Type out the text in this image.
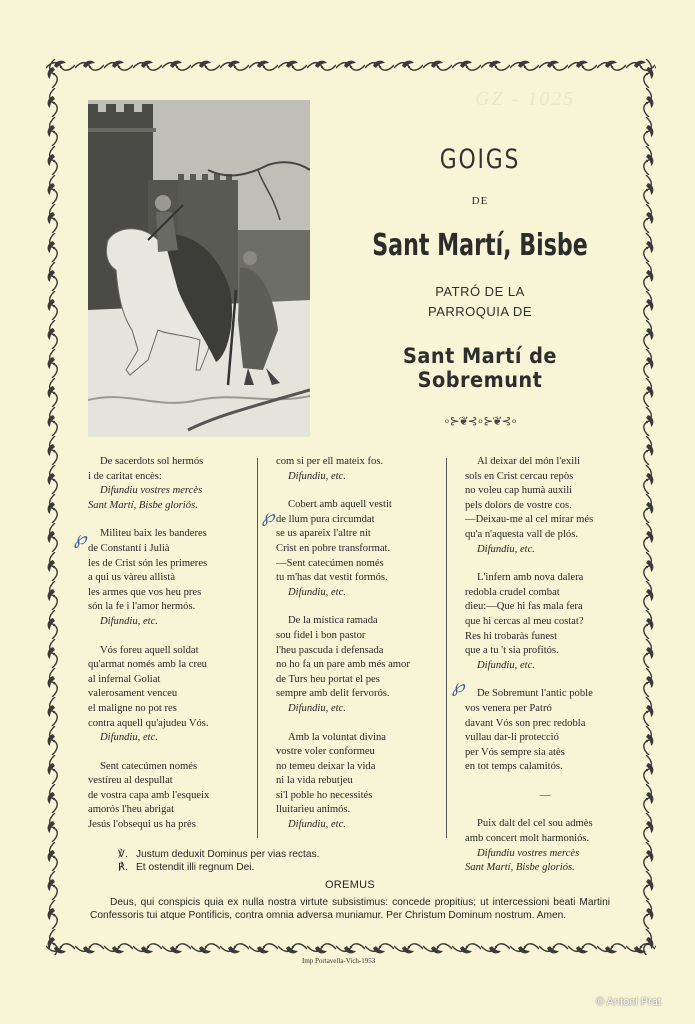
GZ - 1025
GOIGS
DE
Sant Martí, Bisbe
PATRÓ DE LA
PARROQUIA DE
Sant Martí de Sobremunt
∘⊱❦⊰∘⊱❦⊰∘
℘
℘
℘
De sacerdots sol hermós
i de caritat encès:
Difundiu vostres mercès
Sant Martí, Bisbe gloriós.
Militeu baix les banderes
de Constantí i Julià
les de Crist són les primeres
a qui us vàreu allistà
les armes que vos heu pres
són la fe i l'amor hermós.
Difundiu, etc.
Vós foreu aquell soldat
qu'armat només amb la creu
al infernal Goliat
valerosament venceu
el maligne no pot res
contra aquell qu'ajudeu Vós.
Difundiu, etc.
Sent catecúmen només
vestíreu al despullat
de vostra capa amb l'esqueix
amorós l'heu abrigat
Jesús l'obsequi us ha près
com si per ell mateix fos.
Difundiu, etc.
Cobert amb aquell vestit
de llum pura circumdat
se us apareix l'altre nit
Crist en pobre transformat.
—Sent catecúmen només
tu m'has dat vestit formós.
Difundiu, etc.
De la mística ramada
sou fidel i bon pastor
l'heu pascuda i defensada
no ho fa un pare amb més amor
de Turs heu portat el pes
sempre amb delit fervorós.
Difundiu, etc.
Amb la voluntat divina
vostre voler conformeu
no temeu deixar la vida
ni la vida rebutjeu
si'l poble ho necessités
lluitarieu animós.
Difundiu, etc.
Al deixar del món l'exili
sols en Crist cercau repòs
no voleu cap humà auxili
pels dolors de vostre cos.
—Deixau-me al cel mirar més
qu'a n'aquesta vall de plós.
Difundiu, etc.
L'infern amb nova dalera
redobla crudel combat
dieu:—Que hi fas mala fera
que hi cercas al meu costat?
Res hi trobaràs funest
que a tu 't sia profitós.
Difundiu, etc.
De Sobremunt l'antic poble
vos venera per Patró
davant Vós son prec redobla
vullau dar-li protecció
per Vós sempre sia atès
en tot temps calamitós.
—
Puix dalt del cel sou admès
amb concert molt harmoniós.
Difundiu vostres mercès
Sant Martí, Bisbe gloriós.
℣. Justum deduxit Dominus per vias rectas.
℟. Et ostendit illi regnum Dei.
OREMUS
Deus, qui conspicis quia ex nulla nostra virtute subsistimus: concede propitius; ut intercessioni beati Martini Confessoris tui atque Pontificis, contra omnia adversa muniamur. Per Christum Dominum nostrum. Amen.
Imp Portavella-Vich-1953
© Antoni Prat
